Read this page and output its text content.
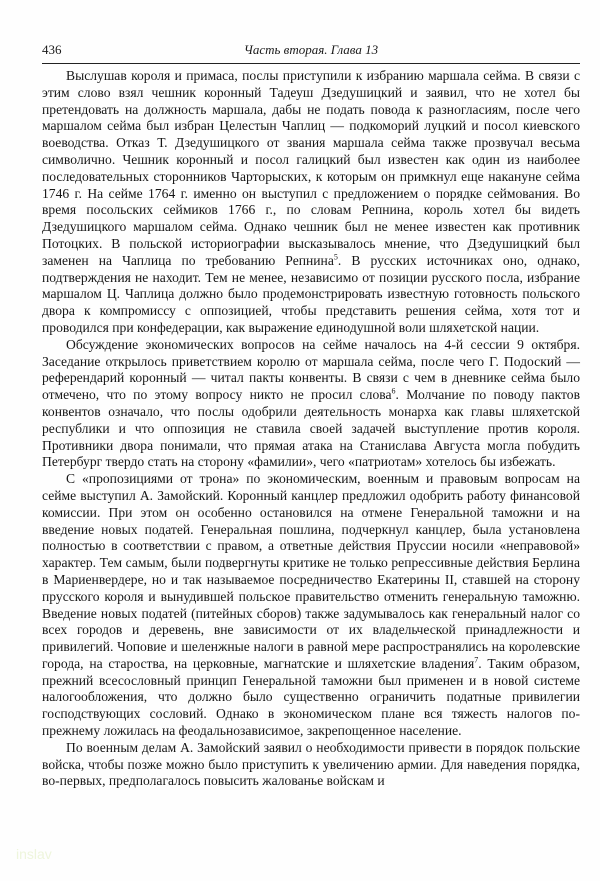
436	Часть вторая. Глава 13

Выслушав короля и примаса, послы приступили к избранию маршала сейма. В связи с этим слово взял чешник коронный Тадеуш Дзедушицкий и заявил, что не хотел бы претендовать на должность маршала, дабы не подать повода к разногласиям, после чего маршалом сейма был избран Целестын Чаплиц — подкоморий луцкий и посол киевского воеводства. Отказ Т. Дзедушицкого от звания маршала сейма также прозвучал весьма символично. Чешник коронный и посол галицкий был известен как один из наиболее последовательных сторонников Чарторыских, к которым он примкнул еще накануне сейма 1746 г. На сейме 1764 г. именно он выступил с предложением о порядке сеймования. Во время посольских сеймиков 1766 г., по словам Репнина, король хотел бы видеть Дзедушицкого маршалом сейма. Однако чешник был не менее известен как противник Потоцких. В польской историографии высказывалось мнение, что Дзедушицкий был заменен на Чаплица по требованию Репнина$^5$. В русских источниках оно, однако, подтверждения не находит. Тем не менее, независимо от позиции русского посла, избрание маршалом Ц. Чаплица должно было продемонстрировать известную готовность польского двора к компромиссу с оппозицией, чтобы представить решения сейма, хотя тот и проводился при конфедерации, как выражение единодушной воли шляхетской нации.

Обсуждение экономических вопросов на сейме началось на 4-й сессии 9 октября. Заседание открылось приветствием королю от маршала сейма, после чего Г. Подоский — референдарий коронный — читал пакты конвенты. В связи с чем в дневнике сейма было отмечено, что по этому вопросу никто не просил слова$^6$. Молчание по поводу пактов конвентов означало, что послы одобрили деятельность монарха как главы шляхетской республики и что оппозиция не ставила своей задачей выступление против короля. Противники двора понимали, что прямая атака на Станислава Августа могла побудить Петербург твердо стать на сторону «фамилии», чего «патриотам» хотелось бы избежать.

С «пропозициями от трона» по экономическим, военным и правовым вопросам на сейме выступил А. Замойский. Коронный канцлер предложил одобрить работу финансовой комиссии. При этом он особенно остановился на отмене Генеральной таможни и на введение новых податей. Генеральная пошлина, подчеркнул канцлер, была установлена полностью в соответствии с правом, а ответные действия Пруссии носили «неправовой» характер. Тем самым, были подвергнуты критике не только репрессивные действия Берлина в Мариенвердере, но и так называемое посредничество Екатерины II, ставшей на сторону прусского короля и вынудившей польское правительство отменить генеральную таможню. Введение новых податей (питейных сборов) также задумывалось как генеральный налог со всех городов и деревень, вне зависимости от их владельческой принадлежности и привилегий. Чоповие и шеленжные налоги в равной мере распространялись на королевские города, на староства, на церковные, магнатские и шляхетские владения$^7$. Таким образом, прежний всесословный принцип Генеральной таможни был применен и в новой системе налогообложения, что должно было существенно ограничить податные привилегии господствующих сословий. Однако в экономическом плане вся тяжесть налогов по-прежнему ложилась на феодальнозависимое, закрепощенное население.

По военным делам А. Замойский заявил о необходимости привести в порядок польские войска, чтобы позже можно было приступить к увеличению армии. Для наведения порядка, во-первых, предполагалось повысить жалованье войскам и

inslav
